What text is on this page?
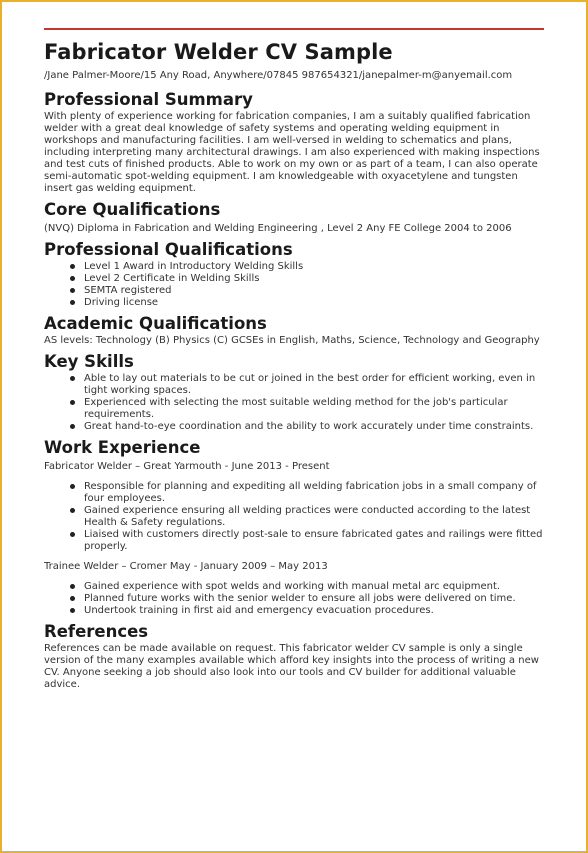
Fabricator Welder CV Sample
/Jane Palmer-Moore/15 Any Road, Anywhere/07845 987654321/janepalmer-m@anyemail.com
Professional Summary

With plenty of experience working for fabrication companies, I am a suitably qualified fabrication welder with a great deal knowledge of safety systems and operating welding equipment in workshops and manufacturing facilities. I am well-versed in welding to schematics and plans, including interpreting many architectural drawings. I am also experienced with making inspections and test cuts of finished products. Able to work on my own or as part of a team, I can also operate semi-automatic spot-welding equipment. I am knowledgeable with oxyacetylene and tungsten insert gas welding equipment.

Core Qualifications

(NVQ) Diploma in Fabrication and Welding Engineering , Level 2 Any FE College 2004 to 2006

Professional Qualifications
Level 1 Award in Introductory Welding Skills
Level 2 Certificate in Welding Skills
SEMTA registered
Driving license
Academic Qualifications

AS levels: Technology (B) Physics (C) GCSEs in English, Maths, Science, Technology and Geography

Key Skills
Able to lay out materials to be cut or joined in the best order for efficient working, even in tight working spaces.
Experienced with selecting the most suitable welding method for the job's particular requirements.
Great hand-to-eye coordination and the ability to work accurately under time constraints.
Work Experience

Fabricator Welder – Great Yarmouth - June 2013 - Present

Responsible for planning and expediting all welding fabrication jobs in a small company of four employees.
Gained experience ensuring all welding practices were conducted according to the latest Health & Safety regulations.
Liaised with customers directly post-sale to ensure fabricated gates and railings were fitted properly.

Trainee Welder – Cromer May - January 2009 – May 2013

Gained experience with spot welds and working with manual metal arc equipment.
Planned future works with the senior welder to ensure all jobs were delivered on time.
Undertook training in first aid and emergency evacuation procedures.
References

References can be made available on request. This fabricator welder CV sample is only a single version of the many examples available which afford key insights into the process of writing a new CV. Anyone seeking a job should also look into our tools and CV builder for additional valuable advice.
